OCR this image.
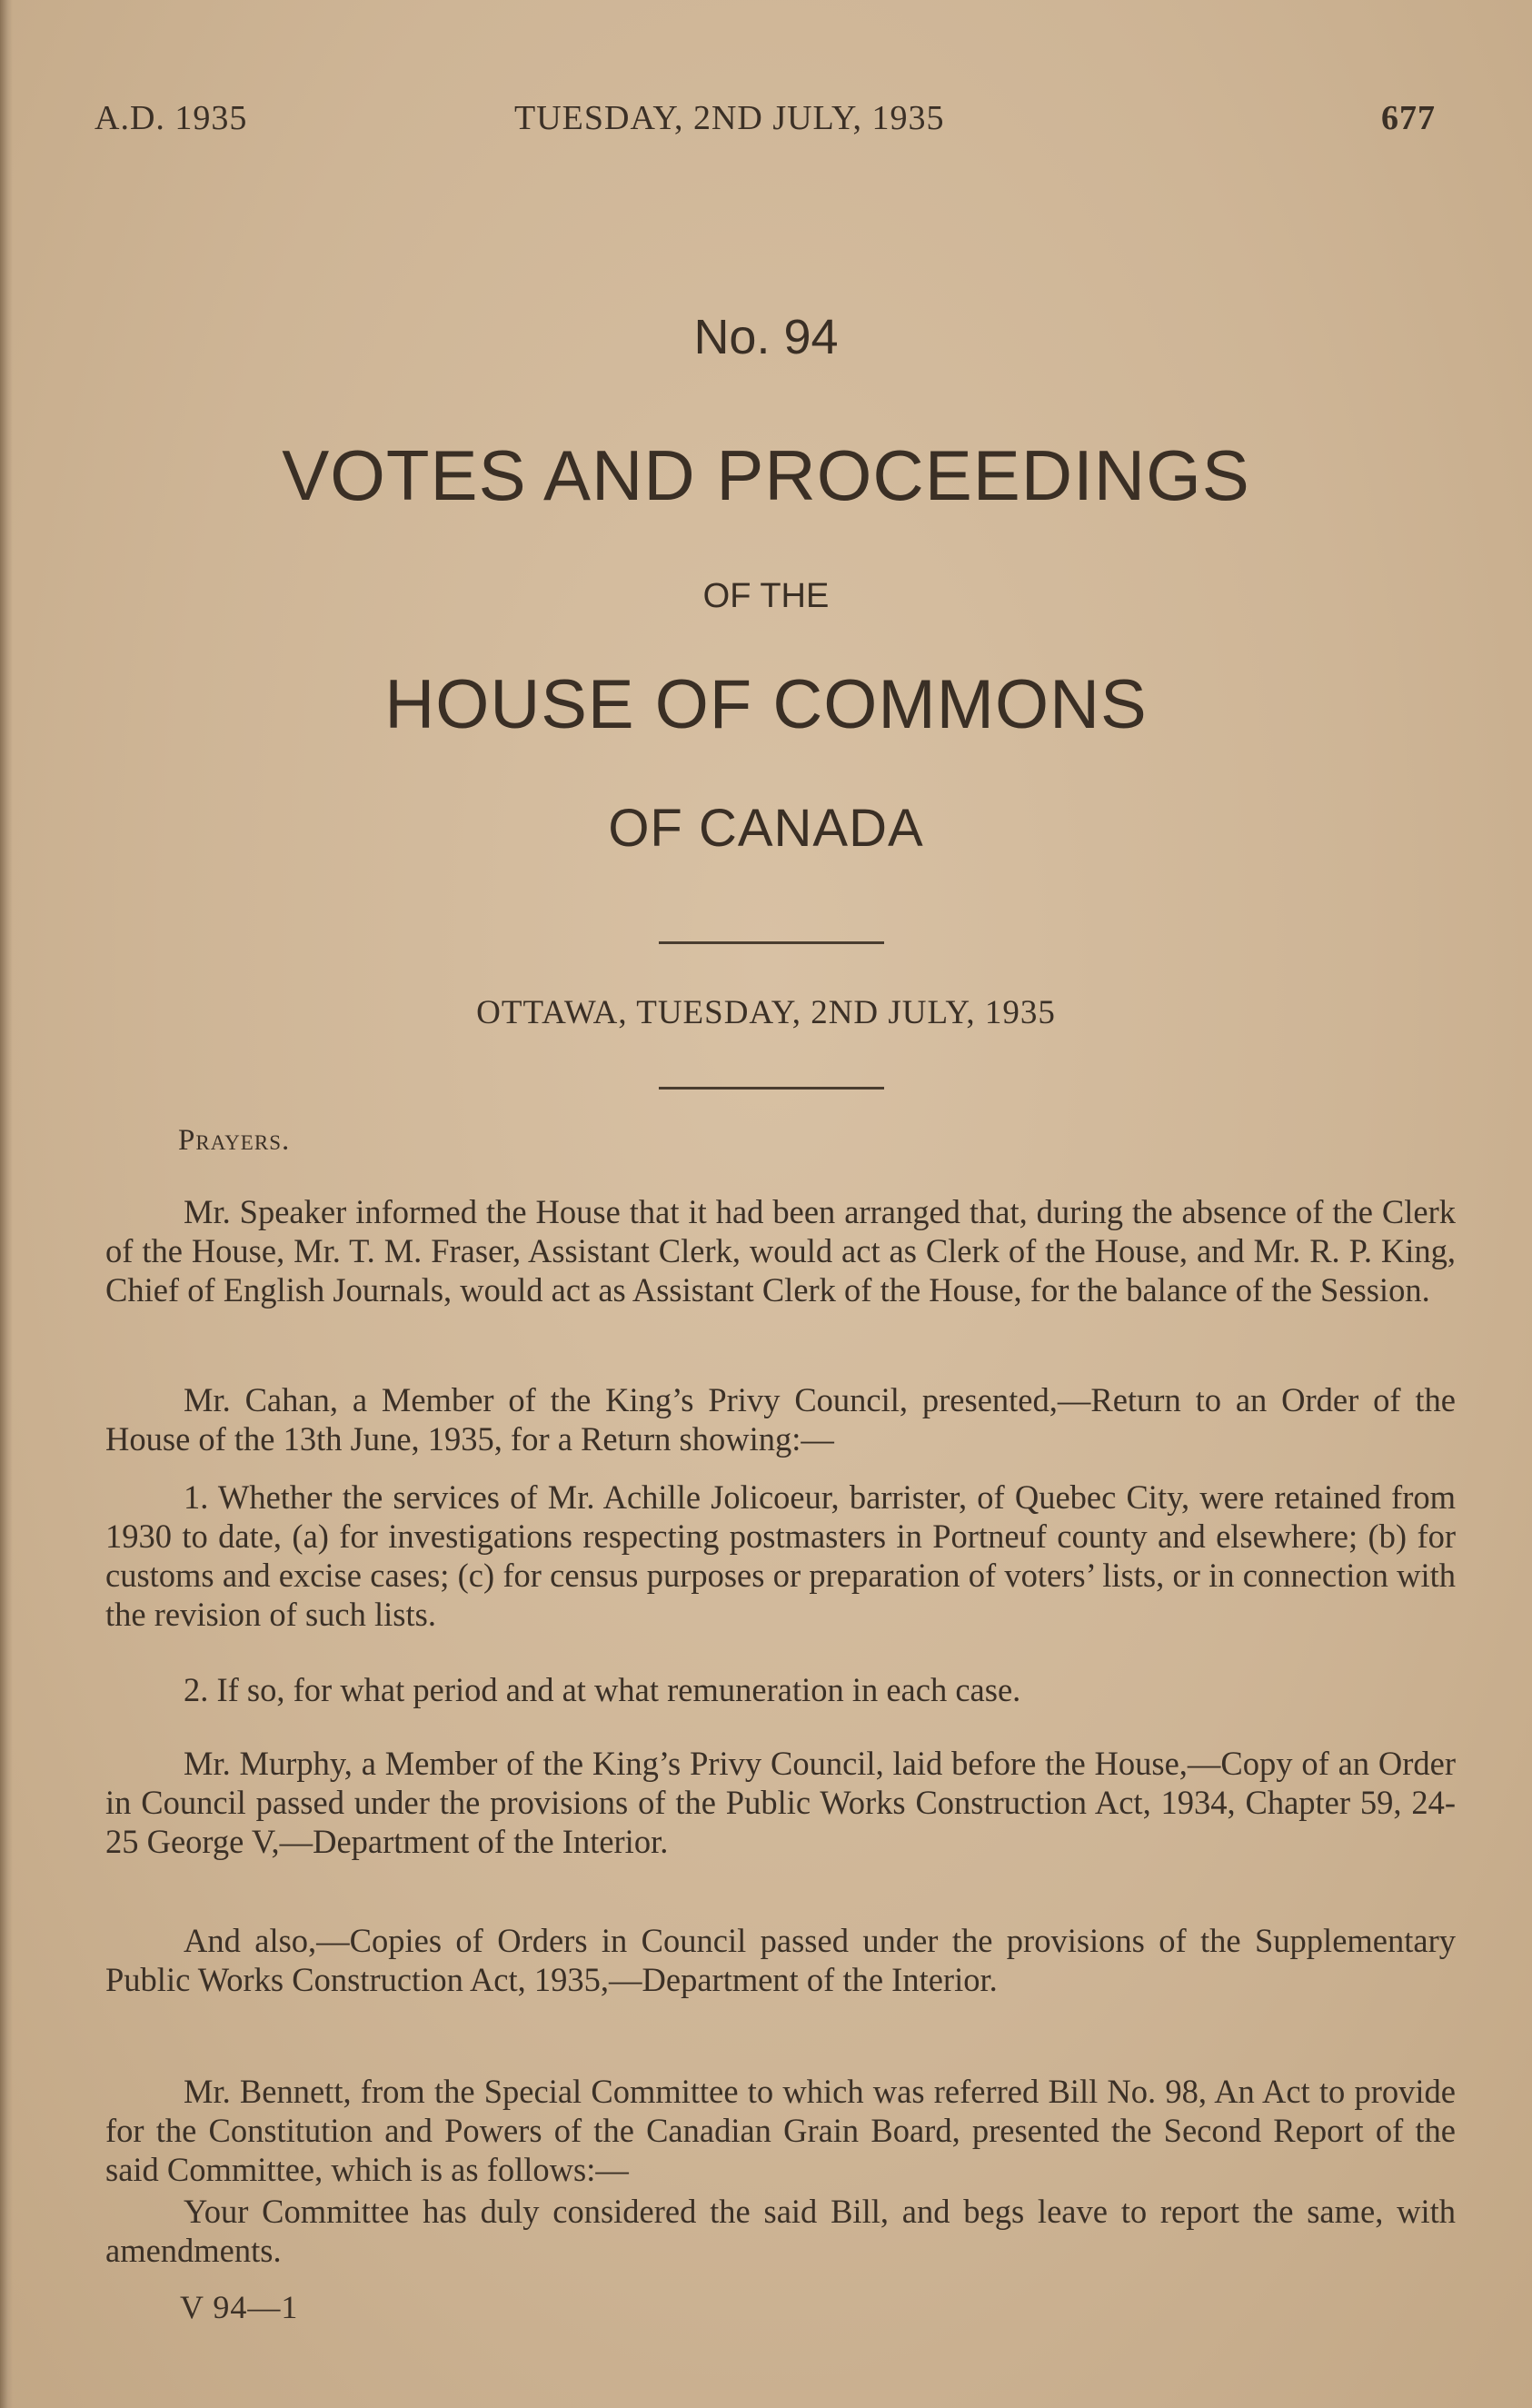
A.D. 1935	TUESDAY, 2ND JULY, 1935	677
No. 94
VOTES AND PROCEEDINGS
OF THE
HOUSE OF COMMONS
OF CANADA
OTTAWA, TUESDAY, 2ND JULY, 1935
Prayers.

Mr. Speaker informed the House that it had been arranged that, during the absence of the Clerk of the House, Mr. T. M. Fraser, Assistant Clerk, would act as Clerk of the House, and Mr. R. P. King, Chief of English Journals, would act as Assistant Clerk of the House, for the balance of the Session.

Mr. Cahan, a Member of the King’s Privy Council, presented,—Return to an Order of the House of the 13th June, 1935, for a Return showing:—

1. Whether the services of Mr. Achille Jolicoeur, barrister, of Quebec City, were retained from 1930 to date, (a) for investigations respecting postmasters in Portneuf county and elsewhere; (b) for customs and excise cases; (c) for census purposes or preparation of voters’ lists, or in connection with the revision of such lists.

2. If so, for what period and at what remuneration in each case.

Mr. Murphy, a Member of the King’s Privy Council, laid before the House,—Copy of an Order in Council passed under the provisions of the Public Works Construction Act, 1934, Chapter 59, 24-25 George V,—Department of the Interior.

And also,—Copies of Orders in Council passed under the provisions of the Supplementary Public Works Construction Act, 1935,—Department of the Interior.

Mr. Bennett, from the Special Committee to which was referred Bill No. 98, An Act to provide for the Constitution and Powers of the Canadian Grain Board, presented the Second Report of the said Committee, which is as follows:—

Your Committee has duly considered the said Bill, and begs leave to report the same, with amendments.

V 94—1
